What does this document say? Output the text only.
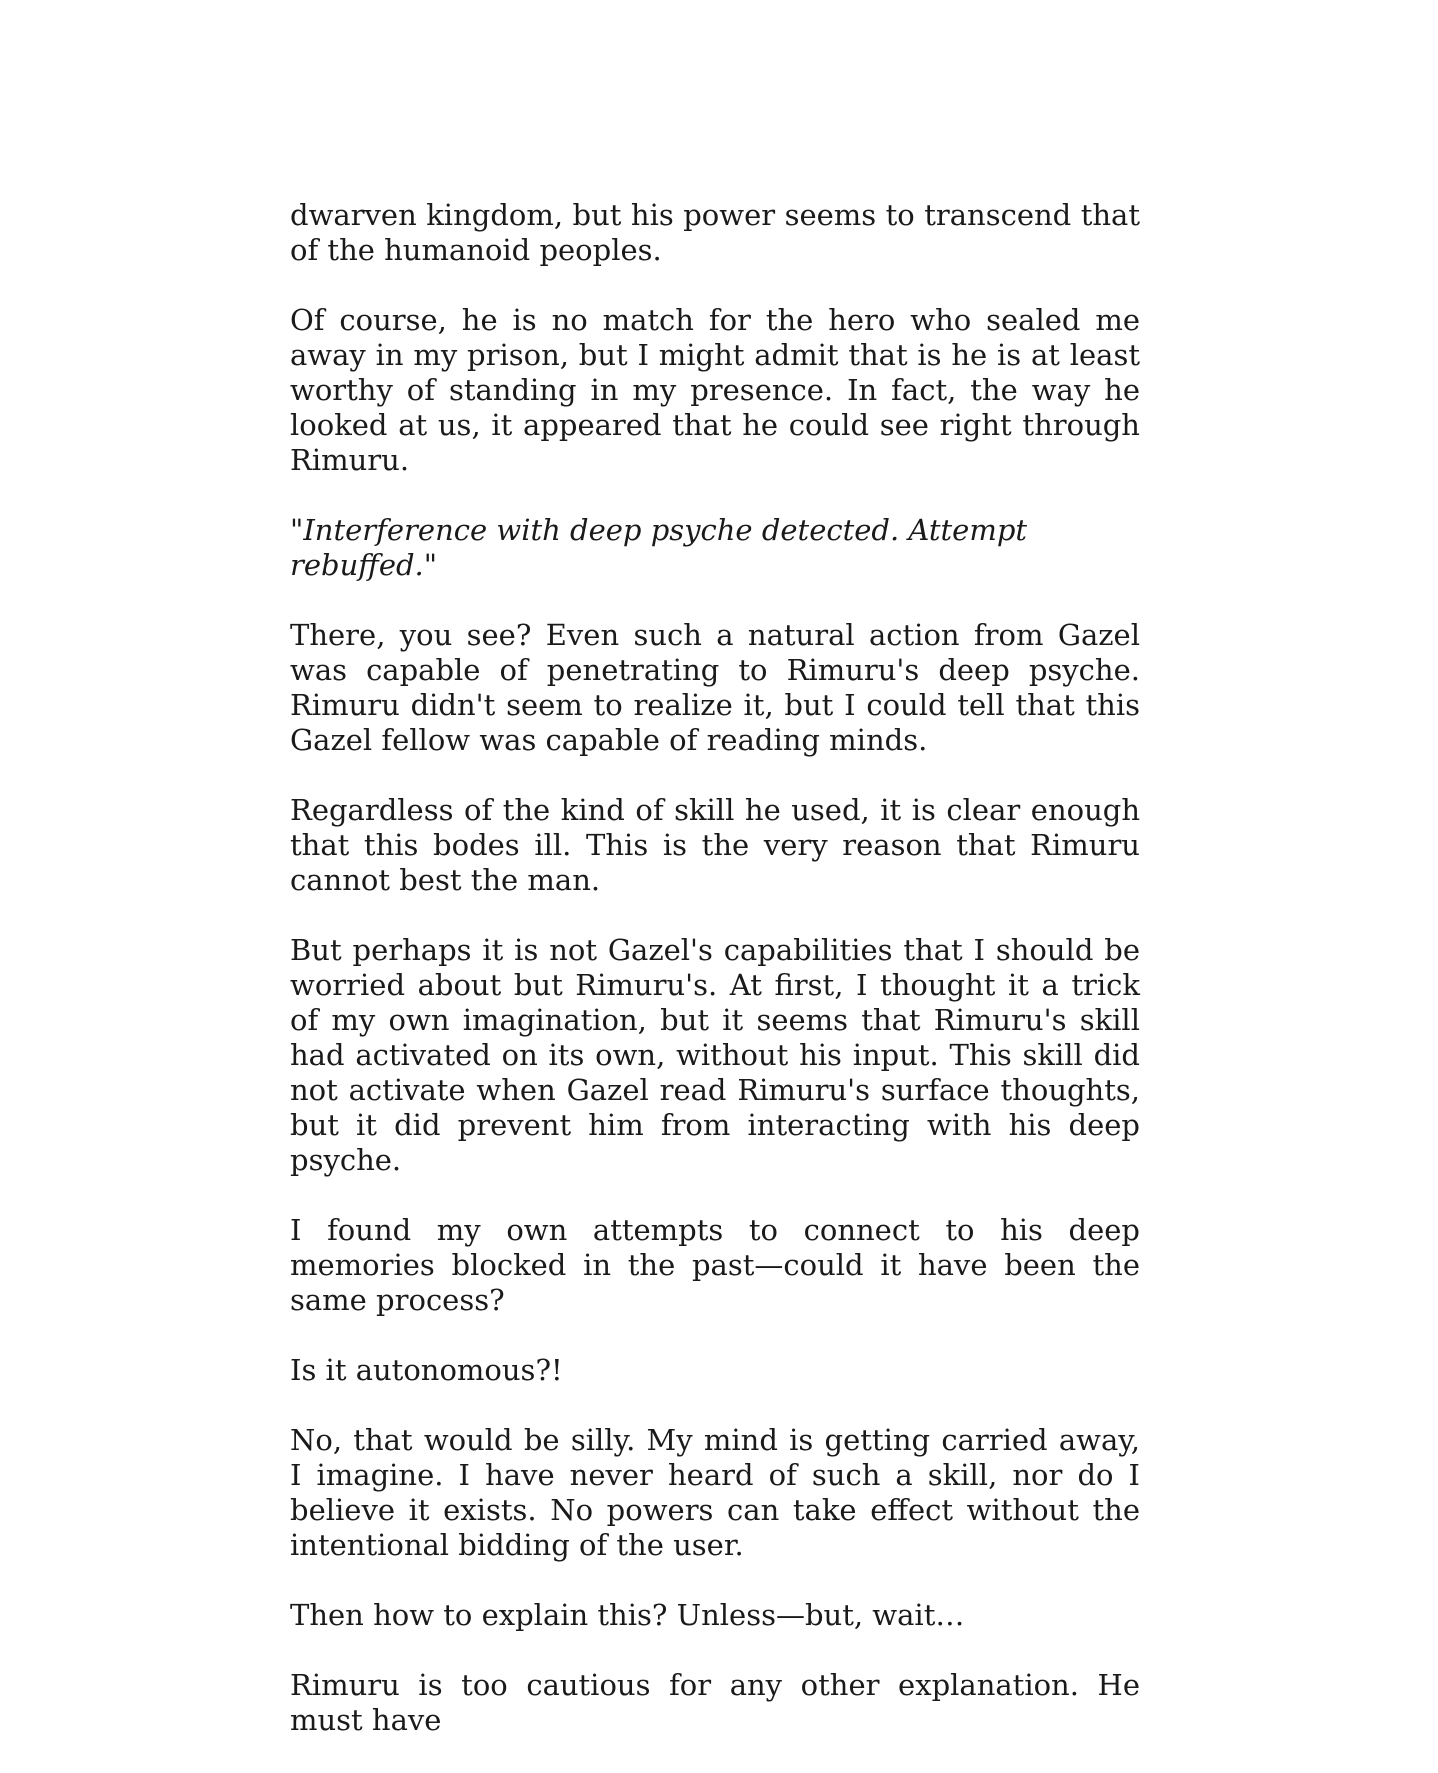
dwarven kingdom, but his power seems to transcend that of the humanoid peoples.

Of course, he is no match for the hero who sealed me away in my prison, but I might admit that is he is at least worthy of standing in my presence. In fact, the way he looked at us, it appeared that he could see right through Rimuru.

"Interference with deep psyche detected. Attempt rebuffed."

There, you see? Even such a natural action from Gazel was capable of penetrating to Rimuru's deep psyche. Rimuru didn't seem to realize it, but I could tell that this Gazel fellow was capable of reading minds.

Regardless of the kind of skill he used, it is clear enough that this bodes ill. This is the very reason that Rimuru cannot best the man.

But perhaps it is not Gazel's capabilities that I should be worried about but Rimuru's. At first, I thought it a trick of my own imagination, but it seems that Rimuru's skill had activated on its own, without his input. This skill did not activate when Gazel read Rimuru's surface thoughts, but it did prevent him from interacting with his deep psyche.

I found my own attempts to connect to his deep memories blocked in the past—could it have been the same process?

Is it autonomous?!

No, that would be silly. My mind is getting carried away, I imagine. I have never heard of such a skill, nor do I believe it exists. No powers can take effect without the intentional bidding of the user.

Then how to explain this? Unless—but, wait…

Rimuru is too cautious for any other explanation. He must have
